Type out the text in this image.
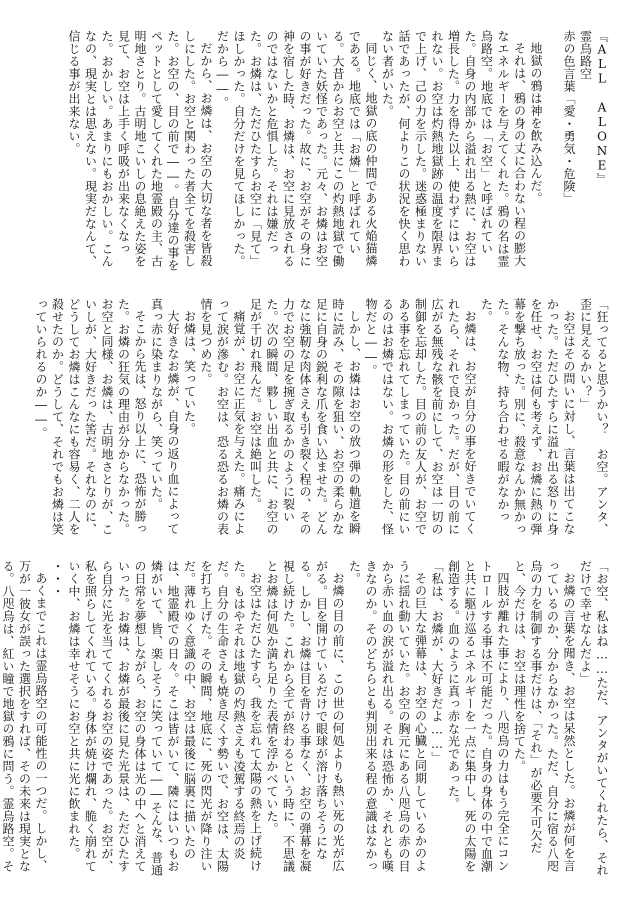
『ALL ALONE』
霊烏路空
赤の色言葉「愛・勇気・危険」

地獄の鴉は神を飲み込んだ。

それは、鴉の身の丈に合わない程の膨大なエネルギーを与えてくれた。鴉の名は霊烏路空。地底では「お空」と呼ばれていた。自身の内部から溢れ出る熱に、お空は増長した。力を得た以上、使わずにはいられない。お空は灼熱地獄跡の温度を限界まで上げ、己の力を示した。迷惑極まりない話であったが、何よりこの状況を快く思わない者がいた。

同じく、地獄の底の仲間である火焔猫燐である。地底では「お燐」と呼ばれている。大昔からお空と共にこの灼熱地獄で働いていた妖怪であった。元々、お燐はお空の事が好きだった。故に、お空がその身に神を宿した時、お燐は、お空に見放されるのではないかと危惧した。それは嫌だった。お燐は、ただひたすらお空に「見て」ほしかった。自分だけを見てほしかった。だから――。

だから、お燐は、お空の大切な者を皆殺しにした。お空と関わった者全てを殺害した。お空の、目の前で――。自分達の事をペットとして愛してくれた地霊殿の主、古明地さとり。古明地こいしの息絶えた姿を見て、お空は上手く呼吸が出来なくなった。おかしい。あまりにもおかしい。こんなの、現実とは思えない。現実だなんて、信じる事が出来ない。

「狂ってると思うかい？　お空。アンタ、歪に見えるかい？」

お空はその問いに対し、言葉は出てこなかった。ただひたすらに溢れ出る怒りに身を任せ、お空は何も考えず、お燐に熱の弾幕を撃ち放った。別に、殺意なんか無かった。そんな物、持ち合わせる暇がなかった。

お燐は、お空が自分の事を好きでいてくれたら、それで良かった。だが、目の前に広がる無残な骸を前にして、お空は一切の制御を忘却した。目の前の友人が、お空である事を忘れてしまっていた。目の前にいるのはお燐ではない。お燐の形をした、怪物だと――。

しかし、お燐はお空の放つ弾の軌道を瞬時に読み、その隙を狙い、お空の柔らかな足に自身の鋭利な爪を食い込ませた。どんなに強靭な肉体さえも引き裂く程の、その力でお空の足を捥ぎ取るかのように裂いた。次の瞬間、夥しい出血と共に、お空の足が千切れ飛んだ。お空は絶叫した。

痛覚が、お空に正気を与えた。痛みによって涙が滲む。お空は、恐る恐るお燐の表情を見つめた。

お燐は、笑っていた。

大好きなお燐が、自身の返り血によって真っ赤に染まりながら、笑っていた。

そこから先は、怒り以上に、恐怖が勝った。お燐の狂気の理由が分からなかった。お空と同様、お燐は、古明地さとりが、こいしが、大好きだった筈だ。それなのに、どうしてお燐はこんなにも容易く、二人を殺せたのか。どうして、それでもお燐は笑っていられるのか――。

「お空、私はね……ただ、アンタがいてくれたら、それだけで幸せなんだよ」

お燐の言葉を聞き、お空は呆然とした。お燐が何を言っているのか、分からなかった。ただ、自分に宿る八咫烏の力を制御する事だけは、「それ」が必要不可欠だと、今だけは、お空は理性を捨てた。

四肢が離れた事により、八咫烏の力はもう完全にコントロールする事は不可能だった。自身の身体の中で血潮と共に駆け巡るエネルギーを一点に集中し、死の太陽を創造する。血のように真っ赤な光であった。

「私は、お燐が、大好きだよ……」

その巨大な弾幕は、お空の心臓と同期しているかのように揺れ動いていた。お空の胸元にある八咫烏の赤の目から赤い血の涙が溢れ出る。それは恐怖か、それとも嘆きなのか。そのどちらとも判別出来る程の意識はなかった。

お燐の目の前に、この世の何処よりも熱い死の光が広がる。目を開けているだけで眼球が溶け落ちそうになる。しかし、お燐は目を背ける事なく、お空の弾幕を凝視し続けた。これから全てが終わるという時に、不思議とお燐は何処か満ち足りた表情を浮かべていた。

お空はただひたすら、我を忘れて太陽の熱を上げ続けた。もはやそれは地獄の灼熱さえも凌駕する終焉の炎だ。自分の生命さえも焼き尽くす勢いで、お空は、太陽を打ち上げた。その瞬間、地底に、死の閃光が降り注いだ。薄れゆく意識の中、お空は最後に脳裏に描いたのは、地霊殿での日々。そこは皆がいて、隣にはいつもお燐がいて、皆、楽しそうに笑っていて――そんな、普通の日常を夢想しながら、お空の身体は光の中へと消えていった。お燐は、お燐が最後に見た光景は、ただひたすら自分に光を当ててくれるお空の姿であった。お空が、私を照らしてくれている。身体が焼け爛れ、脆く崩れていく中、お燐は幸せそうにお空と共に光に飲まれた。

・・・

あくまでこれは霊烏路空の可能性の一つだ。しかし、万が一彼女が誤った選択をすれば、その未来は現実となる。八咫烏は、紅い瞳で地獄の鴉に問う。霊烏路空。そ
